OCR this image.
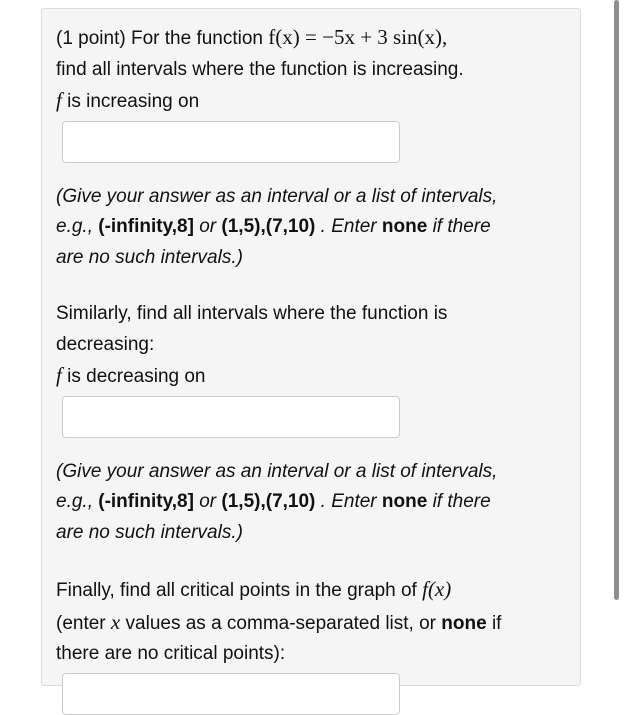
(1 point) For the function f(x) = −5x + 3 sin(x),
find all intervals where the function is increasing.
f is increasing on
(Give your answer as an interval or a list of intervals,
e.g., (-infinity,8] or (1,5),(7,10) . Enter none if there
are no such intervals.)
Similarly, find all intervals where the function is
decreasing:
f is decreasing on
(Give your answer as an interval or a list of intervals,
e.g., (-infinity,8] or (1,5),(7,10) . Enter none if there
are no such intervals.)
Finally, find all critical points in the graph of f(x)
(enter x values as a comma-separated list, or none if
there are no critical points):
